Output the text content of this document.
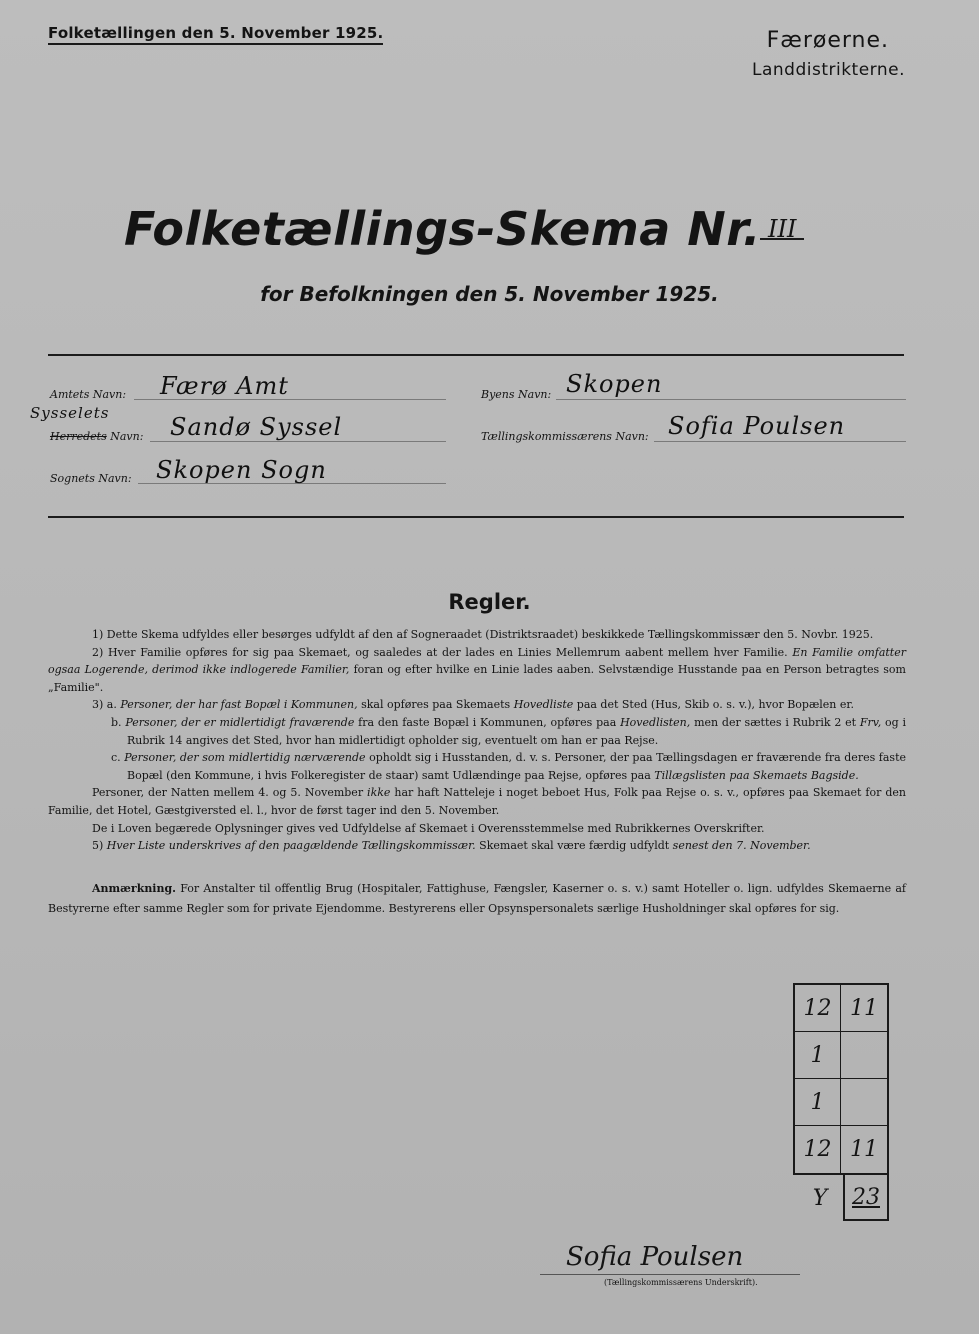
Folketællingen den 5. November 1925.	Færøerne.
Landdistrikterne.
Folketællings-Skema Nr. III
for Befolkningen den 5. November 1925.
Amtets Navn: Færø Amt
Sysselets
Herredets Navn: Sandø Syssel
Sognets Navn: Skopen Sogn
Byens Navn: Skopen
Tællingskommissærens Navn: Sofia Poulsen
Regler.

1) Dette Skema udfyldes eller besørges udfyldt af den af Sogneraadet (Distriktsraadet) beskikkede Tællingskommissær den 5. Novbr. 1925.

2) Hver Familie opføres for sig paa Skemaet, og saaledes at der lades en Linies Mellemrum aabent mellem hver Familie. En Familie omfatter ogsaa Logerende, derimod ikke indlogerede Familier, foran og efter hvilke en Linie lades aaben. Selvstændige Husstande paa en Person betragtes som „Familie".

3) a. Personer, der har fast Bopæl i Kommunen, skal opføres paa Skemaets Hovedliste paa det Sted (Hus, Skib o. s. v.), hvor Bopælen er.

b. Personer, der er midlertidigt fraværende fra den faste Bopæl i Kommunen, opføres paa Hovedlisten, men der sættes i Rubrik 2 et Frv, og i Rubrik 14 angives det Sted, hvor han midlertidigt opholder sig, eventuelt om han er paa Rejse.

c. Personer, der som midlertidig nærværende opholdt sig i Husstanden, d. v. s. Personer, der paa Tællingsdagen er fraværende fra deres faste Bopæl (den Kommune, i hvis Folkeregister de staar) samt Udlændinge paa Rejse, opføres paa Tillægslisten paa Skemaets Bagside.

Personer, der Natten mellem 4. og 5. November ikke har haft Natteleje i noget beboet Hus, Folk paa Rejse o. s. v., opføres paa Skemaet for den Familie, det Hotel, Gæstgiversted el. l., hvor de først tager ind den 5. November.

De i Loven begærede Oplysninger gives ved Udfyldelse af Skemaet i Overensstemmelse med Rubrikkernes Overskrifter.

5) Hver Liste underskrives af den paagældende Tællingskommissær. Skemaet skal være færdig udfyldt senest den 7. November.

Anmærkning. For Anstalter til offentlig Brug (Hospitaler, Fattighuse, Fængsler, Kaserner o. s. v.) samt Hoteller o. lign. udfyldes Skemaerne af Bestyrerne efter samme Regler som for private Ejendomme. Bestyrerens eller Opsynspersonalets særlige Husholdninger skal opføres for sig.
12 11
1
1
12 11
Y	23
Sofia Poulsen
(Tællingskommissærens Underskrift).
